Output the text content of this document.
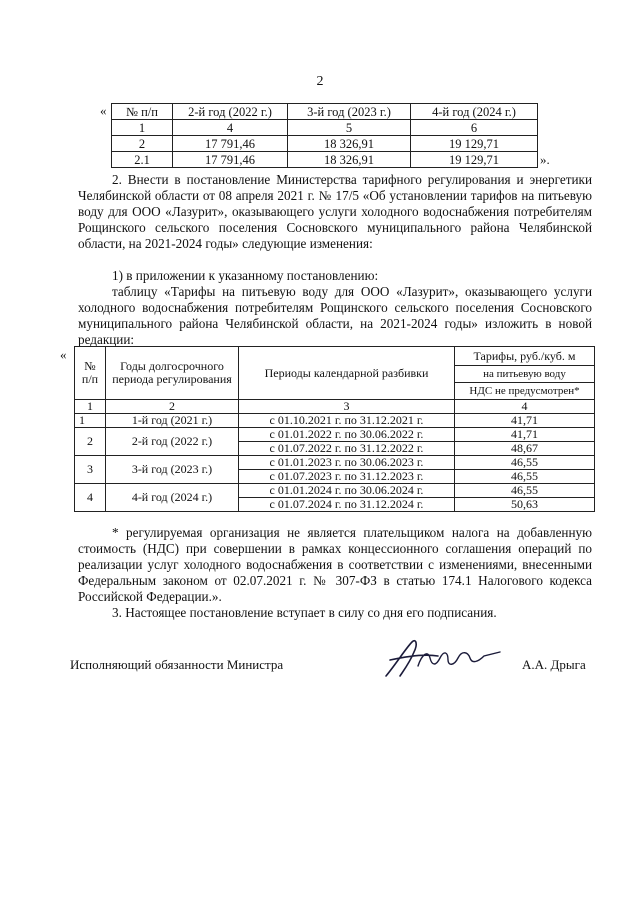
2
« № п/п	2-й год (2022 г.)	3-й год (2023 г.)	4-й год (2024 г.)
1	4	5	6
2	17 791,46	18 326,91	19 129,71
2.1	17 791,46	18 326,91	19 129,71	».
2. Внести в постановление Министерства тарифного регулирования и энергетики Челябинской области от 08 апреля 2021 г. № 17/5 «Об установлении тарифов на питьевую воду для ООО «Лазурит», оказывающего услуги холодного водоснабжения потребителям Рощинского сельского поселения Сосновского муниципального района Челябинской области, на 2021-2024 годы» следующие изменения:
1) в приложении к указанному постановлению:
таблицу «Тарифы на питьевую воду для ООО «Лазурит», оказывающего услуги холодного водоснабжения потребителям Рощинского сельского поселения Сосновского муниципального района Челябинской области, на 2021-2024 годы» изложить в новой редакции:
«
№ п/п	Годы долгосрочного периода регулирования	Периоды календарной разбивки	Тарифы, руб./куб. м
			на питьевую воду
			НДС не предусмотрен*
1	2	3	4
1	1-й год (2021 г.)	с 01.10.2021 г. по 31.12.2021 г.	41,71
2	2-й год (2022 г.)	с 01.01.2022 г. по 30.06.2022 г.	41,71
		с 01.07.2022 г. по 31.12.2022 г.	48,67
3	3-й год (2023 г.)	с 01.01.2023 г. по 30.06.2023 г.	46,55
		с 01.07.2023 г. по 31.12.2023 г.	46,55
4	4-й год (2024 г.)	с 01.01.2024 г. по 30.06.2024 г.	46,55
		с 01.07.2024 г. по 31.12.2024 г.	50,63
* регулируемая организация не является плательщиком налога на добавленную стоимость (НДС) при совершении в рамках концессионного соглашения операций по реализации услуг холодного водоснабжения в соответствии с изменениями, внесенными Федеральным законом от 02.07.2021 г. № 307-ФЗ в статью 174.1 Налогового кодекса Российской Федерации.».
3. Настоящее постановление вступает в силу со дня его подписания.
Исполняющий обязанности Министра	А.А. Дрыга
